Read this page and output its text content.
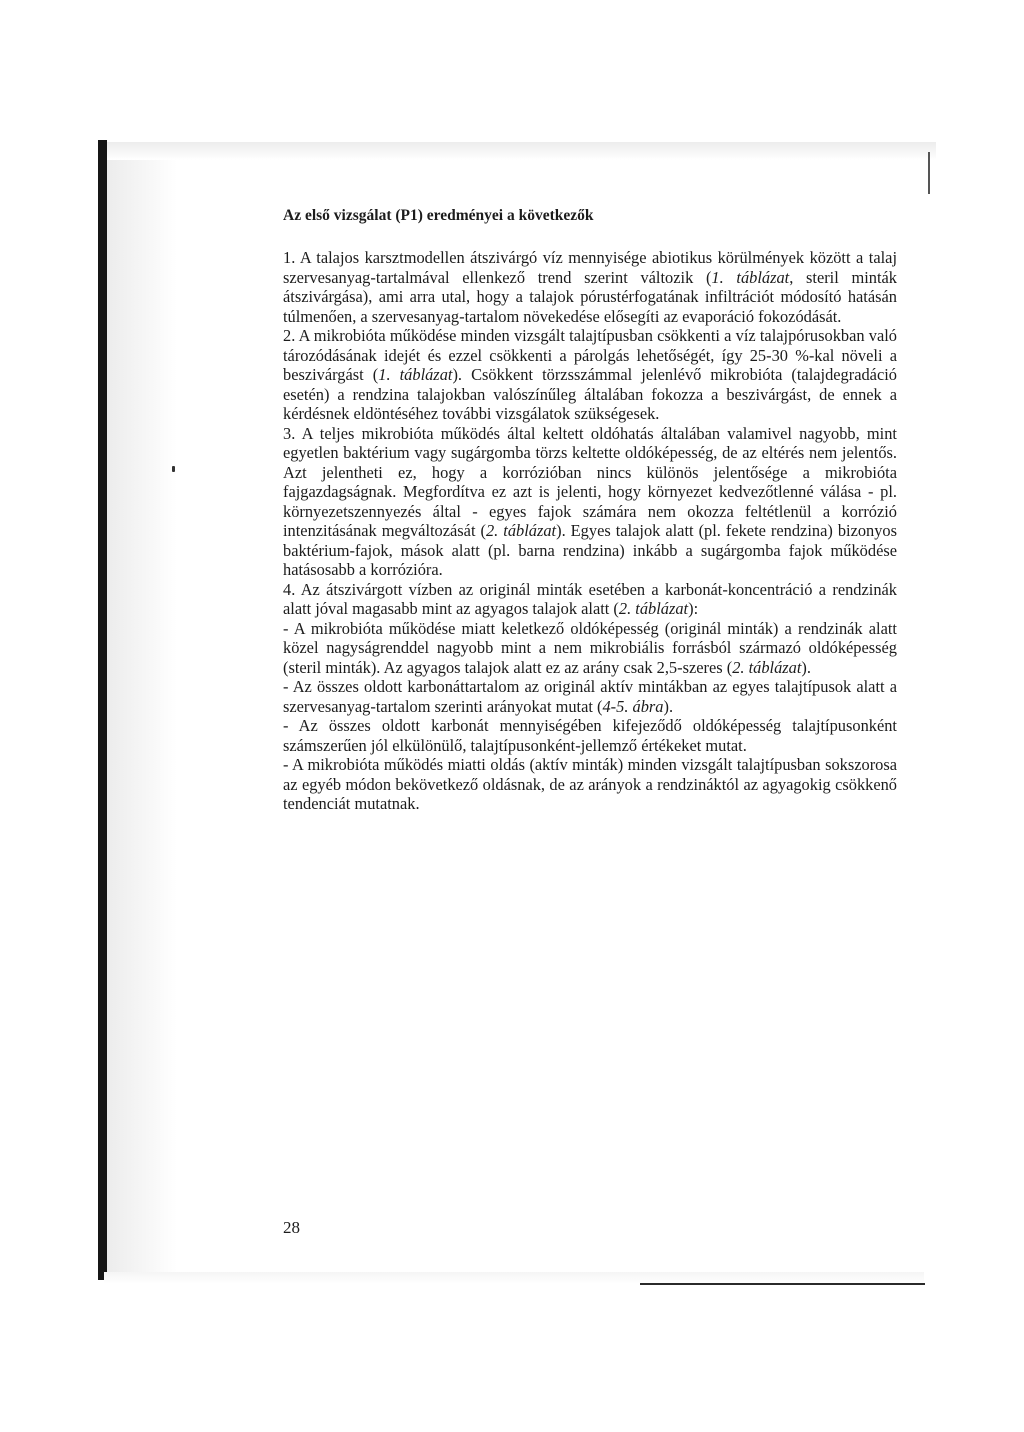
Az első vizsgálat (P1) eredményei a következők

1. A talajos karsztmodellen átszivárgó víz mennyisége abiotikus körülmények között a talaj szervesanyag-tartalmával ellenkező trend szerint változik (1. táblázat, steril minták átszivárgása), ami arra utal, hogy a talajok pórustérfogatának infiltrációt módosító hatásán túlmenően, a szervesanyag-tartalom növekedése elősegíti az evaporáció fokozódását.

2. A mikrobióta működése minden vizsgált talajtípusban csökkenti a víz talajpórusokban való tározódásának idejét és ezzel csökkenti a párolgás lehetőségét, így 25-30 %-kal növeli a beszivárgást (1. táblázat). Csökkent törzsszámmal jelenlévő mikrobióta (talajdegradáció esetén) a rendzina talajokban valószínűleg általában fokozza a beszivárgást, de ennek a kérdésnek eldöntéséhez további vizsgálatok szükségesek.

3. A teljes mikrobióta működés által keltett oldóhatás általában valamivel nagyobb, mint egyetlen baktérium vagy sugárgomba törzs keltette oldóképesség, de az eltérés nem jelentős. Azt jelentheti ez, hogy a korrózióban nincs különös jelentősége a mikrobióta fajgazdagságnak. Megfordítva ez azt is jelenti, hogy környezet kedvezőtlenné válása - pl. környezetszennyezés által - egyes fajok számára nem okozza feltétlenül a korrózió intenzitásának megváltozását (2. táblázat). Egyes talajok alatt (pl. fekete rendzina) bizonyos baktérium-fajok, mások alatt (pl. barna rendzina) inkább a sugárgomba fajok működése hatásosabb a korrózióra.

4. Az átszivárgott vízben az originál minták esetében a karbonát-koncentráció a rendzinák alatt jóval magasabb mint az agyagos talajok alatt (2. táblázat):

- A mikrobióta működése miatt keletkező oldóképesség (originál minták) a rendzinák alatt közel nagyságrenddel nagyobb mint a nem mikrobiális forrásból származó oldóképesség (steril minták). Az agyagos talajok alatt ez az arány csak 2,5-szeres (2. táblázat).

- Az összes oldott karbonáttartalom az originál aktív mintákban az egyes talajtípusok alatt a szervesanyag-tartalom szerinti arányokat mutat (4-5. ábra).

- Az összes oldott karbonát mennyiségében kifejeződő oldóképesség talajtípusonként számszerűen jól elkülönülő, talajtípusonként-jellemző értékeket mutat.

- A mikrobióta működés miatti oldás (aktív minták) minden vizsgált talajtípusban sokszorosa az egyéb módon bekövetkező oldásnak, de az arányok a rendzináktól az agyagokig csökkenő tendenciát mutatnak.

28
